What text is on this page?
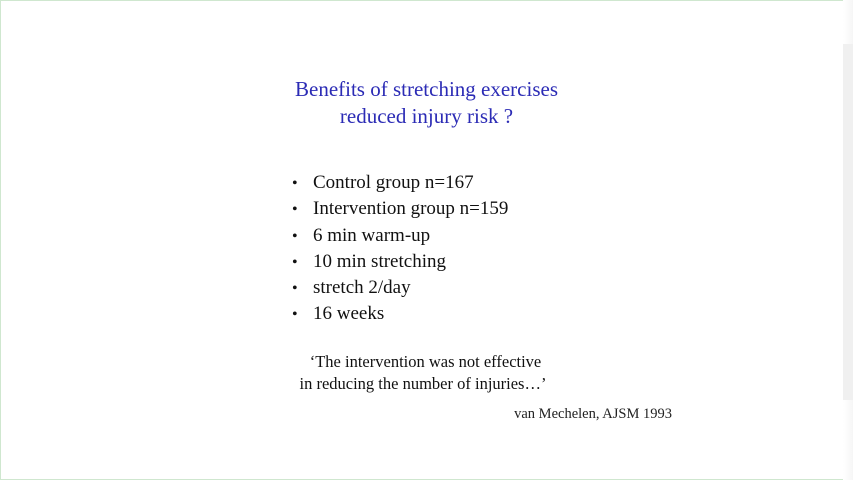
Benefits of stretching exercises
reduced injury risk ?
• Control group n=167
• Intervention group n=159
• 6 min warm-up
• 10 min stretching
• stretch 2/day
• 16 weeks

‘The intervention was not effective
in reducing the number of injuries…’

van Mechelen, AJSM 1993
